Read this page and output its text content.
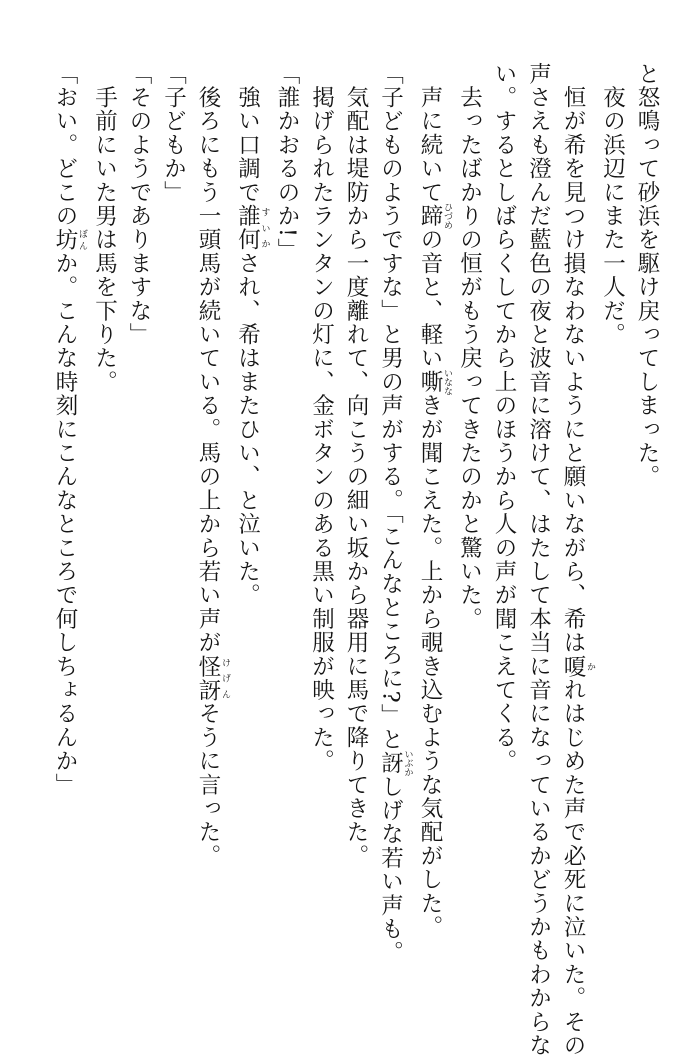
と怒鳴って砂浜を駆け戻ってしまった。
　夜の浜辺にまた一人だ。
　恒が希を見つけ損なわないようにと願いながら、希は嗄 かれはじめた声で必死に泣いた。その
声さえも澄んだ藍色の夜と波音に溶けて、はたして本当に音になっているかどうかもわからな
い。するとしばらくしてから上のほうから人の声が聞こえてくる。
　去ったばかりの恒がもう戻ってきたのかと驚いた。
　声に続いて蹄 ひづめの音と、軽い嘶 いななきが聞こえた。上から覗き込むような気配がした。
「子どものようですな」と男の声がする。「こんなところに?」と訝 いぶかしげな若い声も。
　気配は堤防から一度離れて、向こうの細い坂から器用に馬で降りてきた。
　掲げられたランタンの灯に、金ボタンのある黒い制服が映った。
「誰かおるのか!」
　強い口調で誰何 すいかされ、希はまたひい、と泣いた。
　後ろにもう一頭馬が続いている。馬の上から若い声が怪訝 けげんそうに言った。
「子どもか」
「そのようでありますな」
　手前にいた男は馬を下りた。
「おい。どこの坊 ぼんか。こんな時刻にこんなところで何しちょるんか」
